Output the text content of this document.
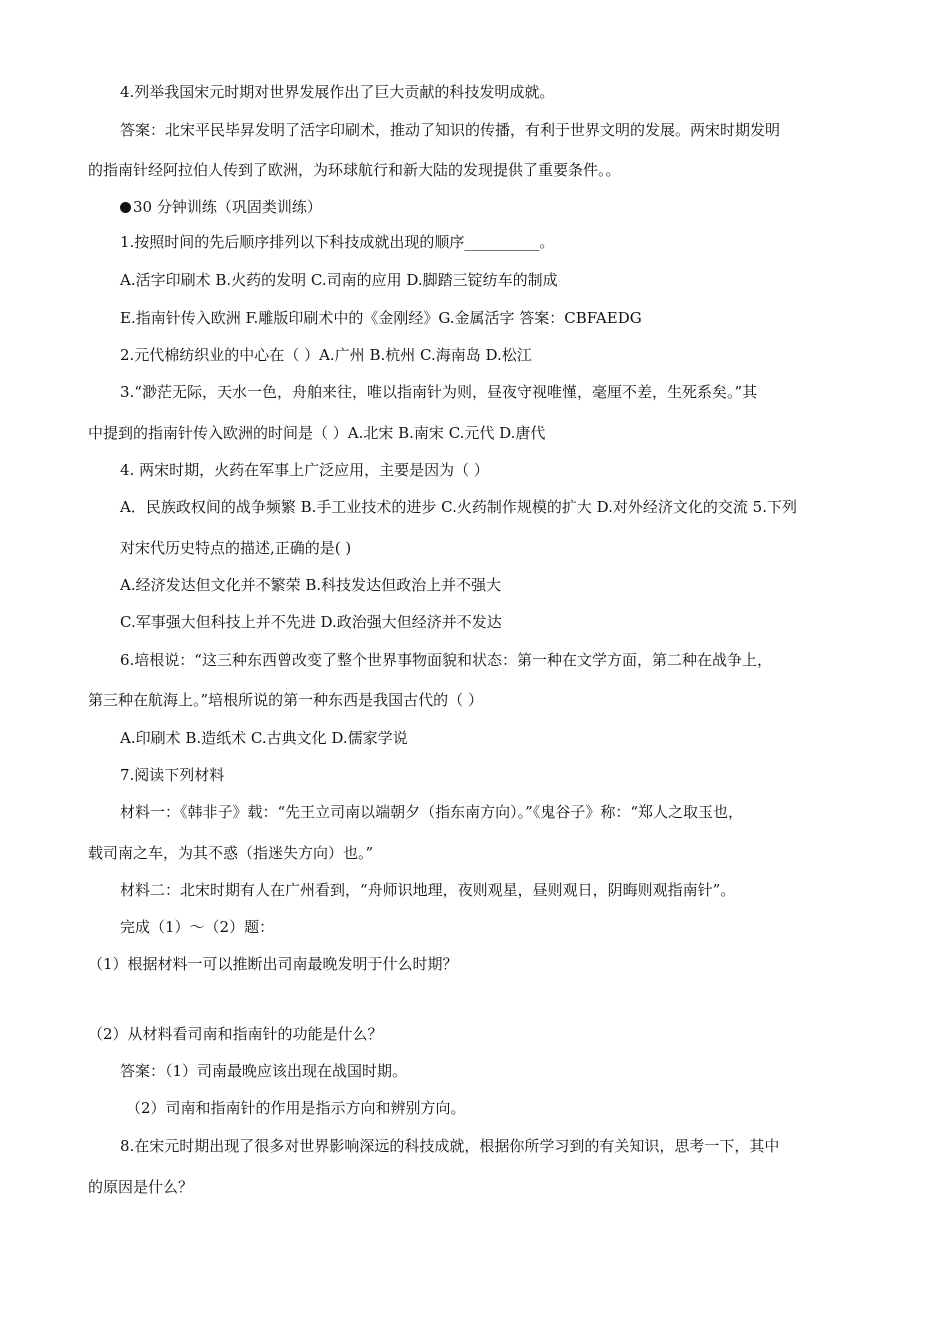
4.列举我国宋元时期对世界发展作出了巨大贡献的科技发明成就。
答案：北宋平民毕昇发明了活字印刷术，推动了知识的传播，有利于世界文明的发展。两宋时期发明
的指南针经阿拉伯人传到了欧洲，为环球航行和新大陆的发现提供了重要条件。。
30 分钟训练（巩固类训练）
1.按照时间的先后顺序排列以下科技成就出现的顺序__________。
A.活字印刷术 B.火药的发明 C.司南的应用 D.脚踏三锭纺车的制成
E.指南针传入欧洲 F.雕版印刷术中的《金刚经》G.金属活字 答案：CBFAEDG
2.元代棉纺织业的中心在（ ）A.广州 B.杭州 C.海南岛 D.松江
3.“渺茫无际，天水一色，舟舶来往，唯以指南针为则，昼夜守视唯慬，毫厘不差，生死系矣。”其
中提到的指南针传入欧洲的时间是（ ）A.北宋 B.南宋 C.元代 D.唐代
4. 两宋时期，火药在军事上广泛应用，主要是因为（ ）
A．民族政权间的战争频繁 B.手工业技术的进步 C.火药制作规模的扩大 D.对外经济文化的交流 5.下列
对宋代历史特点的描述,正确的是( )
A.经济发达但文化并不繁荣 B.科技发达但政治上并不强大
C.军事强大但科技上并不先进 D.政治强大但经济并不发达
6.培根说：“这三种东西曾改变了整个世界事物面貌和状态：第一种在文学方面，第二种在战争上，
第三种在航海上。”培根所说的第一种东西是我国古代的（ ）
A.印刷术 B.造纸术 C.古典文化 D.儒家学说
7.阅读下列材料
材料一：《韩非子》载：“先王立司南以端朝夕（指东南方向）。”《鬼谷子》称：“郑人之取玉也，
载司南之车，为其不惑（指迷失方向）也。”
材料二：北宋时期有人在广州看到，“舟师识地理，夜则观星，昼则观日，阴晦则观指南针”。
完成（1）～（2）题：
（1）根据材料一可以推断出司南最晚发明于什么时期？
（2）从材料看司南和指南针的功能是什么？
答案：（1）司南最晚应该出现在战国时期。
（2）司南和指南针的作用是指示方向和辨别方向。
8.在宋元时期出现了很多对世界影响深远的科技成就，根据你所学习到的有关知识，思考一下，其中
的原因是什么？
